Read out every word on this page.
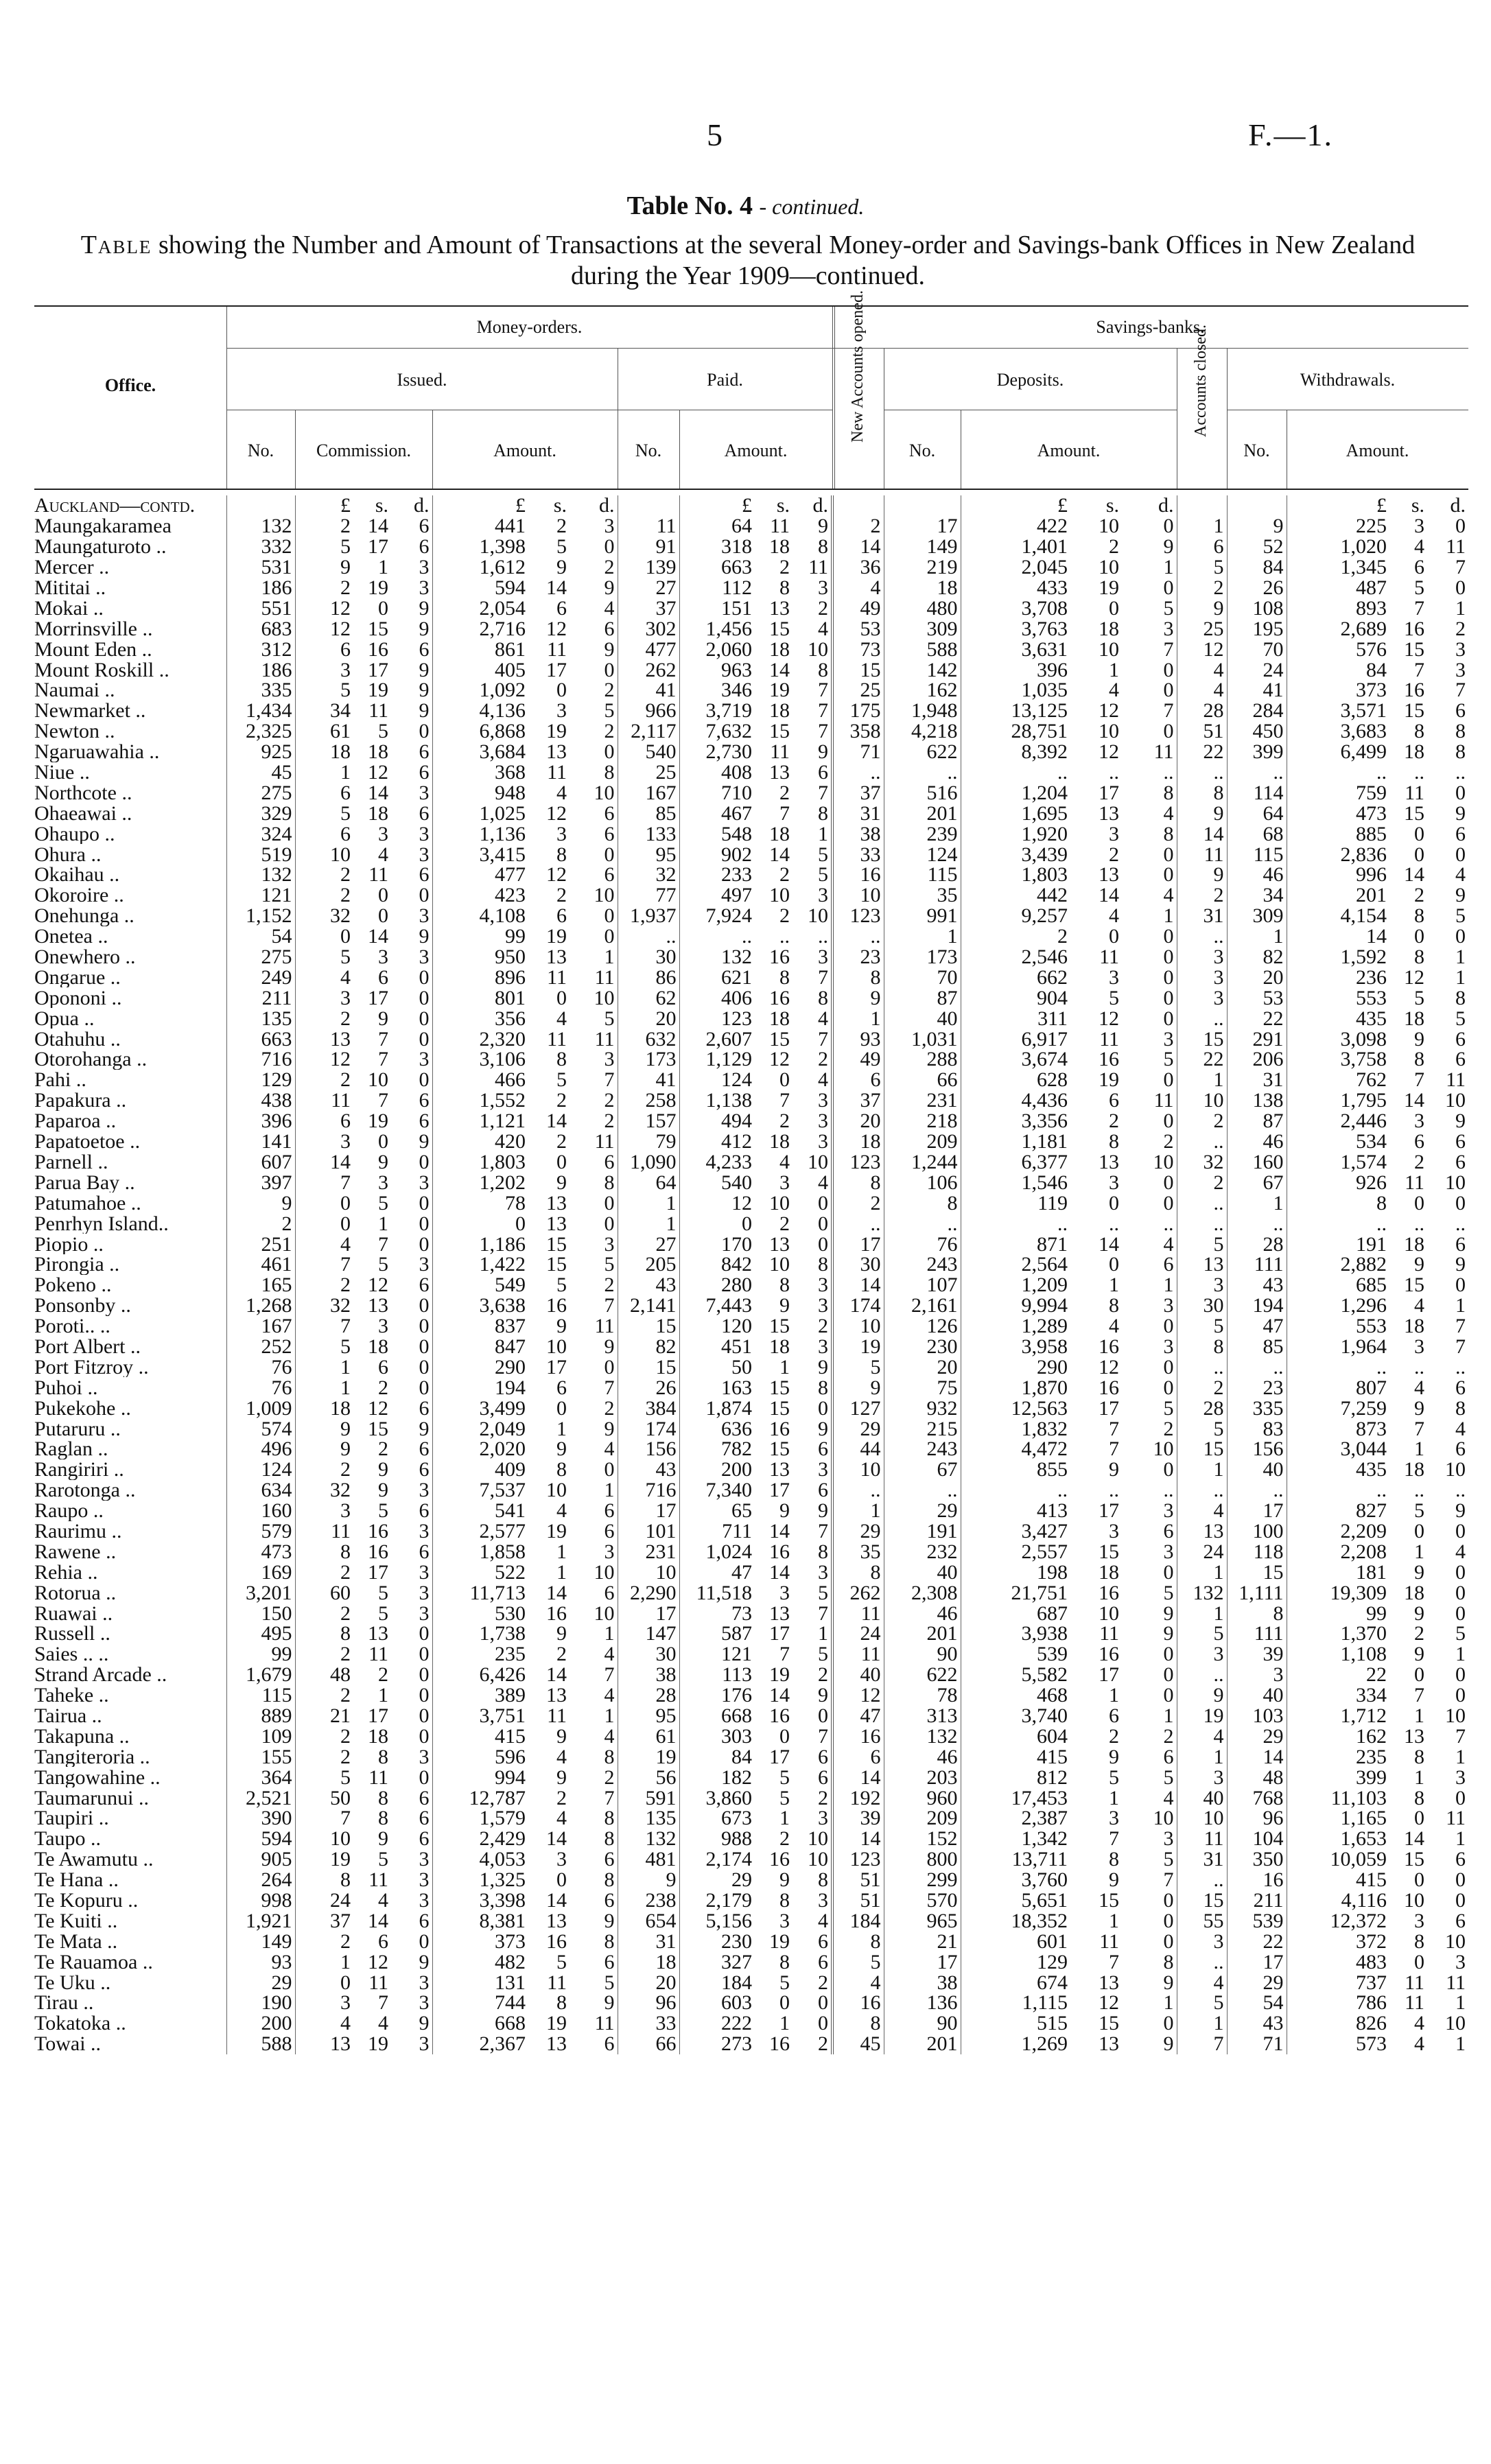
5	F.—1.
Table No. 4 - continued.
Table showing the Number and Amount of Transactions at the several Money-order and Savings-bank Offices in New Zealand during the Year 1909—continued.
Office.
Money-orders.	Savings-banks.
Issued.	Paid.	New Accounts opened.	Deposits.	Accounts closed.	Withdrawals.
No.	Commission.	Amount.	No.	Amount.	No.	Amount.	No.	Amount.
Auckland—contd.		£	s.	d.	£	s.	d.		£	s.	d.			£	s.	d.			£	s.	d.
Maungakaramea	132	2	14	6	441	2	3	11	64	11	9	2	17	422	10	0	1	9	225	3	0
Maungaturoto ..	332	5	17	6	1,398	5	0	91	318	18	8	14	149	1,401	2	9	6	52	1,020	4	11
Mercer ..	531	9	1	3	1,612	9	2	139	663	2	11	36	219	2,045	10	1	5	84	1,345	6	7
Mititai ..	186	2	19	3	594	14	9	27	112	8	3	4	18	433	19	0	2	26	487	5	0
Mokai ..	551	12	0	9	2,054	6	4	37	151	13	2	49	480	3,708	0	5	9	108	893	7	1
Morrinsville ..	683	12	15	9	2,716	12	6	302	1,456	15	4	53	309	3,763	18	3	25	195	2,689	16	2
Mount Eden ..	312	6	16	6	861	11	9	477	2,060	18	10	73	588	3,631	10	7	12	70	576	15	3
Mount Roskill ..	186	3	17	9	405	17	0	262	963	14	8	15	142	396	1	0	4	24	84	7	3
Naumai ..	335	5	19	9	1,092	0	2	41	346	19	7	25	162	1,035	4	0	4	41	373	16	7
Newmarket ..	1,434	34	11	9	4,136	3	5	966	3,719	18	7	175	1,948	13,125	12	7	28	284	3,571	15	6
Newton ..	2,325	61	5	0	6,868	19	2	2,117	7,632	15	7	358	4,218	28,751	10	0	51	450	3,683	8	8
Ngaruawahia ..	925	18	18	6	3,684	13	0	540	2,730	11	9	71	622	8,392	12	11	22	399	6,499	18	8
Niue ..	45	1	12	6	368	11	8	25	408	13	6	..	..	..	..	..	..	..	..	..	..
Northcote ..	275	6	14	3	948	4	10	167	710	2	7	37	516	1,204	17	8	8	114	759	11	0
Ohaeawai ..	329	5	18	6	1,025	12	6	85	467	7	8	31	201	1,695	13	4	9	64	473	15	9
Ohaupo ..	324	6	3	3	1,136	3	6	133	548	18	1	38	239	1,920	3	8	14	68	885	0	6
Ohura ..	519	10	4	3	3,415	8	0	95	902	14	5	33	124	3,439	2	0	11	115	2,836	0	0
Okaihau ..	132	2	11	6	477	12	6	32	233	2	5	16	115	1,803	13	0	9	46	996	14	4
Okoroire ..	121	2	0	0	423	2	10	77	497	10	3	10	35	442	14	4	2	34	201	2	9
Onehunga ..	1,152	32	0	3	4,108	6	0	1,937	7,924	2	10	123	991	9,257	4	1	31	309	4,154	8	5
Onetea ..	54	0	14	9	99	19	0	..	..	..	..	..	1	2	0	0	..	1	14	0	0
Onewhero ..	275	5	3	3	950	13	1	30	132	16	3	23	173	2,546	11	0	3	82	1,592	8	1
Ongarue ..	249	4	6	0	896	11	11	86	621	8	7	8	70	662	3	0	3	20	236	12	1
Opononi ..	211	3	17	0	801	0	10	62	406	16	8	9	87	904	5	0	3	53	553	5	8
Opua ..	135	2	9	0	356	4	5	20	123	18	4	1	40	311	12	0	..	22	435	18	5
Otahuhu ..	663	13	7	0	2,320	11	11	632	2,607	15	7	93	1,031	6,917	11	3	15	291	3,098	9	6
Otorohanga ..	716	12	7	3	3,106	8	3	173	1,129	12	2	49	288	3,674	16	5	22	206	3,758	8	6
Pahi ..	129	2	10	0	466	5	7	41	124	0	4	6	66	628	19	0	1	31	762	7	11
Papakura ..	438	11	7	6	1,552	2	2	258	1,138	7	3	37	231	4,436	6	11	10	138	1,795	14	10
Paparoa ..	396	6	19	6	1,121	14	2	157	494	2	3	20	218	3,356	2	0	2	87	2,446	3	9
Papatoetoe ..	141	3	0	9	420	2	11	79	412	18	3	18	209	1,181	8	2	..	46	534	6	6
Parnell ..	607	14	9	0	1,803	0	6	1,090	4,233	4	10	123	1,244	6,377	13	10	32	160	1,574	2	6
Parua Bay ..	397	7	3	3	1,202	9	8	64	540	3	4	8	106	1,546	3	0	2	67	926	11	10
Patumahoe ..	9	0	5	0	78	13	0	1	12	10	0	2	8	119	0	0	..	1	8	0	0
Penrhyn Island..	2	0	1	0	0	13	0	1	0	2	0	..	..	..	..	..	..	..	..	..	..
Piopio ..	251	4	7	0	1,186	15	3	27	170	13	0	17	76	871	14	4	5	28	191	18	6
Pirongia ..	461	7	5	3	1,422	15	5	205	842	10	8	30	243	2,564	0	6	13	111	2,882	9	9
Pokeno ..	165	2	12	6	549	5	2	43	280	8	3	14	107	1,209	1	1	3	43	685	15	0
Ponsonby ..	1,268	32	13	0	3,638	16	7	2,141	7,443	9	3	174	2,161	9,994	8	3	30	194	1,296	4	1
Poroti.. ..	167	7	3	0	837	9	11	15	120	15	2	10	126	1,289	4	0	5	47	553	18	7
Port Albert ..	252	5	18	0	847	10	9	82	451	18	3	19	230	3,958	16	3	8	85	1,964	3	7
Port Fitzroy ..	76	1	6	0	290	17	0	15	50	1	9	5	20	290	12	0	..	..	..	..	..
Puhoi ..	76	1	2	0	194	6	7	26	163	15	8	9	75	1,870	16	0	2	23	807	4	6
Pukekohe ..	1,009	18	12	6	3,499	0	2	384	1,874	15	0	127	932	12,563	17	5	28	335	7,259	9	8
Putaruru ..	574	9	15	9	2,049	1	9	174	636	16	9	29	215	1,832	7	2	5	83	873	7	4
Raglan ..	496	9	2	6	2,020	9	4	156	782	15	6	44	243	4,472	7	10	15	156	3,044	1	6
Rangiriri ..	124	2	9	6	409	8	0	43	200	13	3	10	67	855	9	0	1	40	435	18	10
Rarotonga ..	634	32	9	3	7,537	10	1	716	7,340	17	6	..	..	..	..	..	..	..	..	..	..
Raupo ..	160	3	5	6	541	4	6	17	65	9	9	1	29	413	17	3	4	17	827	5	9
Raurimu ..	579	11	16	3	2,577	19	6	101	711	14	7	29	191	3,427	3	6	13	100	2,209	0	0
Rawene ..	473	8	16	6	1,858	1	3	231	1,024	16	8	35	232	2,557	15	3	24	118	2,208	1	4
Rehia ..	169	2	17	3	522	1	10	10	47	14	3	8	40	198	18	0	1	15	181	9	0
Rotorua ..	3,201	60	5	3	11,713	14	6	2,290	11,518	3	5	262	2,308	21,751	16	5	132	1,111	19,309	18	0
Ruawai ..	150	2	5	3	530	16	10	17	73	13	7	11	46	687	10	9	1	8	99	9	0
Russell ..	495	8	13	0	1,738	9	1	147	587	17	1	24	201	3,938	11	9	5	111	1,370	2	5
Saies .. ..	99	2	11	0	235	2	4	30	121	7	5	11	90	539	16	0	3	39	1,108	9	1
Strand Arcade ..	1,679	48	2	0	6,426	14	7	38	113	19	2	40	622	5,582	17	0	..	3	22	0	0
Taheke ..	115	2	1	0	389	13	4	28	176	14	9	12	78	468	1	0	9	40	334	7	0
Tairua ..	889	21	17	0	3,751	11	1	95	668	16	0	47	313	3,740	6	1	19	103	1,712	1	10
Takapuna ..	109	2	18	0	415	9	4	61	303	0	7	16	132	604	2	2	4	29	162	13	7
Tangiteroria ..	155	2	8	3	596	4	8	19	84	17	6	6	46	415	9	6	1	14	235	8	1
Tangowahine ..	364	5	11	0	994	9	2	56	182	5	6	14	203	812	5	5	3	48	399	1	3
Taumarunui ..	2,521	50	8	6	12,787	2	7	591	3,860	5	2	192	960	17,453	1	4	40	768	11,103	8	0
Taupiri ..	390	7	8	6	1,579	4	8	135	673	1	3	39	209	2,387	3	10	10	96	1,165	0	11
Taupo ..	594	10	9	6	2,429	14	8	132	988	2	10	14	152	1,342	7	3	11	104	1,653	14	1
Te Awamutu ..	905	19	5	3	4,053	3	6	481	2,174	16	10	123	800	13,711	8	5	31	350	10,059	15	6
Te Hana ..	264	8	11	3	1,325	0	8	9	29	9	8	51	299	3,760	9	7	..	16	415	0	0
Te Kopuru ..	998	24	4	3	3,398	14	6	238	2,179	8	3	51	570	5,651	15	0	15	211	4,116	10	0
Te Kuiti ..	1,921	37	14	6	8,381	13	9	654	5,156	3	4	184	965	18,352	1	0	55	539	12,372	3	6
Te Mata ..	149	2	6	0	373	16	8	31	230	19	6	8	21	601	11	0	3	22	372	8	10
Te Rauamoa ..	93	1	12	9	482	5	6	18	327	8	6	5	17	129	7	8	..	17	483	0	3
Te Uku ..	29	0	11	3	131	11	5	20	184	5	2	4	38	674	13	9	4	29	737	11	11
Tirau ..	190	3	7	3	744	8	9	96	603	0	0	16	136	1,115	12	1	5	54	786	11	1
Tokatoka ..	200	4	4	9	668	19	11	33	222	1	0	8	90	515	15	0	1	43	826	4	10
Towai ..	588	13	19	3	2,367	13	6	66	273	16	2	45	201	1,269	13	9	7	71	573	4	1
